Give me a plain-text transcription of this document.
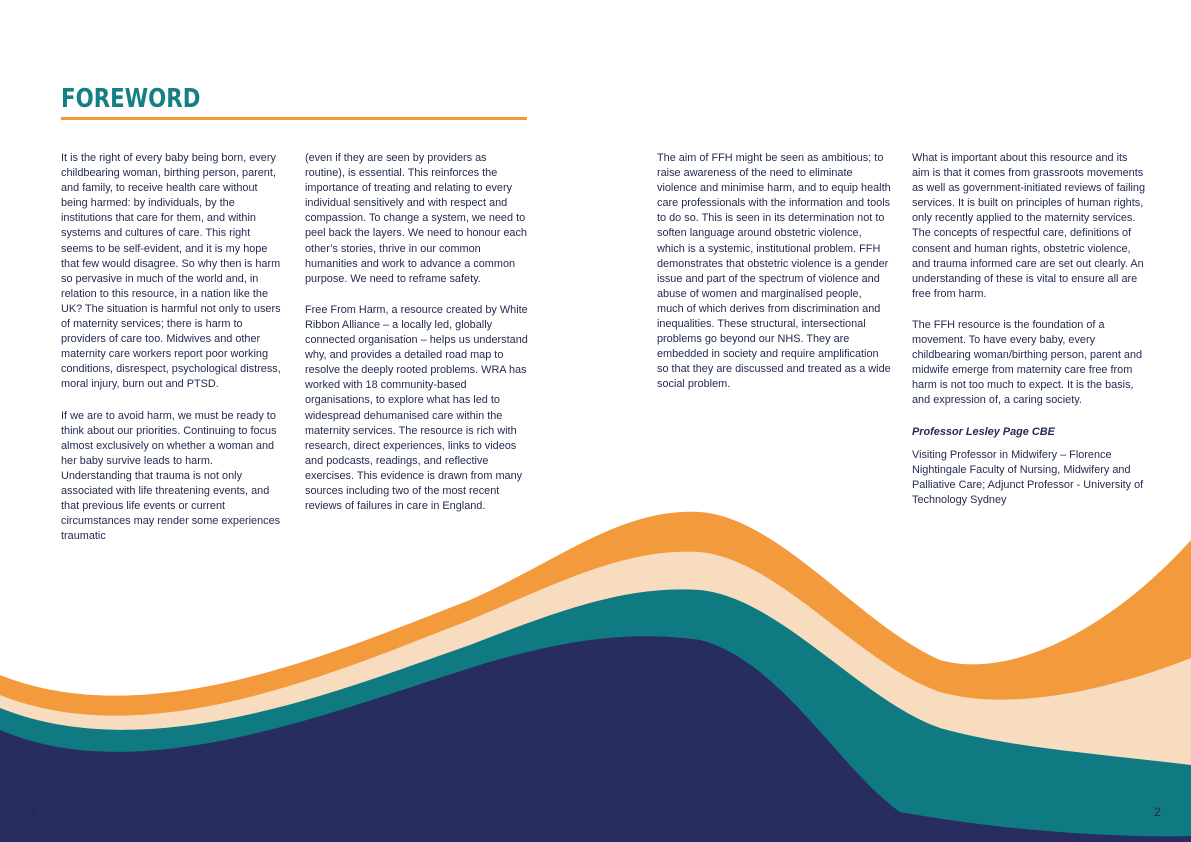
FOREWORD

It is the right of every baby being born, every childbearing woman, birthing person, parent, and family, to receive health care without being harmed: by individuals, by the institutions that care for them, and within systems and cultures of care. This right seems to be self-evident, and it is my hope that few would disagree. So why then is harm so pervasive in much of the world and, in relation to this resource, in a nation like the UK? The situation is harmful not only to users of maternity services; there is harm to providers of care too. Midwives and other maternity care workers report poor working conditions, disrespect, psychological distress, moral injury, burn out and PTSD.

If we are to avoid harm, we must be ready to think about our priorities. Continuing to focus almost exclusively on whether a woman and her baby survive leads to harm. Understanding that trauma is not only associated with life threatening events, and that previous life events or current circumstances may render some experiences traumatic

(even if they are seen by providers as routine), is essential. This reinforces the importance of treating and relating to every individual sensitively and with respect and compassion. To change a system, we need to peel back the layers. We need to honour each other’s stories, thrive in our common humanities and work to advance a common purpose. We need to reframe safety.

Free From Harm, a resource created by White Ribbon Alliance – a locally led, globally connected organisation – helps us understand why, and provides a detailed road map to resolve the deeply rooted problems. WRA has worked with 18 community-based organisations, to explore what has led to widespread dehumanised care within the maternity services. The resource is rich with research, direct experiences, links to videos and podcasts, readings, and reflective exercises. This evidence is drawn from many sources including two of the most recent reviews of failures in care in England.

The aim of FFH might be seen as ambitious; to raise awareness of the need to eliminate violence and minimise harm, and to equip health care professionals with the information and tools to do so. This is seen in its determination not to soften language around obstetric violence, which is a systemic, institutional problem. FFH demonstrates that obstetric violence is a gender issue and part of the spectrum of violence and abuse of women and marginalised people, much of which derives from discrimination and inequalities. These structural, intersectional problems go beyond our NHS. They are embedded in society and require amplification so that they are discussed and treated as a wide social problem.

What is important about this resource and its aim is that it comes from grassroots movements as well as government-initiated reviews of failing services. It is built on principles of human rights, only recently applied to the maternity services. The concepts of respectful care, definitions of consent and human rights, obstetric violence, and trauma informed care are set out clearly. An understanding of these is vital to ensure all are free from harm.

The FFH resource is the foundation of a movement. To have every baby, every childbearing woman/birthing person, parent and midwife emerge from maternity care free from harm is not too much to expect. It is the basis, and expression of, a caring society.

Professor Lesley Page CBE

Visiting Professor in Midwifery – Florence Nightingale Faculty of Nursing, Midwifery and Palliative Care; Adjunct Professor - University of Technology Sydney

1	2
